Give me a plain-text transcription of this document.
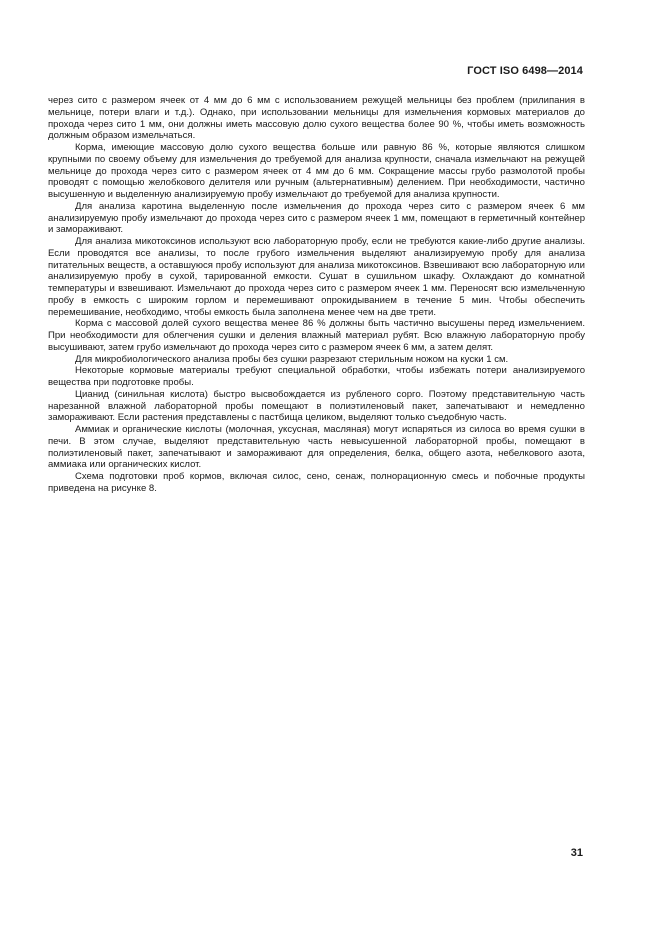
ГОСТ ISO 6498—2014

через сито с размером ячеек от 4 мм до 6 мм с использованием режущей мельницы без проблем (прилипания в мельнице, потери влаги и т.д.). Однако, при использовании мельницы для измельчения кормовых материалов до прохода через сито 1 мм, они должны иметь массовую долю сухого вещества более 90 %, чтобы иметь возможность должным образом измельчаться.

Корма, имеющие массовую долю сухого вещества больше или равную 86 %, которые являются слишком крупными по своему объему для измельчения до требуемой для анализа крупности, сначала измельчают на режущей мельнице до прохода через сито с размером ячеек от 4 мм до 6 мм. Сокращение массы грубо размолотой пробы проводят с помощью желобкового делителя или ручным (альтернативным) делением. При необходимости, частично высушенную и выделенную анализируемую пробу измельчают до требуемой для анализа крупности.

Для анализа каротина выделенную после измельчения до прохода через сито с размером ячеек 6 мм анализируемую пробу измельчают до прохода через сито с размером ячеек 1 мм, помещают в герметичный контейнер и замораживают.

Для анализа микотоксинов используют всю лабораторную пробу, если не требуются какие-либо другие анализы. Если проводятся все анализы, то после грубого измельчения выделяют анализируемую пробу для анализа питательных веществ, а оставшуюся пробу используют для анализа микотоксинов. Взвешивают всю лабораторную или анализируемую пробу в сухой, тарированной емкости. Сушат в сушильном шкафу. Охлаждают до комнатной температуры и взвешивают. Измельчают до прохода через сито с размером ячеек 1 мм. Переносят всю измельченную пробу в емкость с широким горлом и перемешивают опрокидыванием в течение 5 мин. Чтобы обеспечить перемешивание, необходимо, чтобы емкость была заполнена менее чем на две трети.

Корма с массовой долей сухого вещества менее 86 % должны быть частично высушены перед измельчением. При необходимости для облегчения сушки и деления влажный материал рубят. Всю влажную лабораторную пробу высушивают, затем грубо измельчают до прохода через сито с размером ячеек 6 мм, а затем делят.

Для микробиологического анализа пробы без сушки разрезают стерильным ножом на куски 1 см.

Некоторые кормовые материалы требуют специальной обработки, чтобы избежать потери анализируемого вещества при подготовке пробы.

Цианид (синильная кислота) быстро высвобождается из рубленого сорго. Поэтому представительную часть нарезанной влажной лабораторной пробы помещают в полиэтиленовый пакет, запечатывают и немедленно замораживают. Если растения представлены с пастбища целиком, выделяют только съедобную часть.

Аммиак и органические кислоты (молочная, уксусная, масляная) могут испаряться из силоса во время сушки в печи. В этом случае, выделяют представительную часть невысушенной лабораторной пробы, помещают в полиэтиленовый пакет, запечатывают и замораживают для определения, белка, общего азота, небелкового азота, аммиака или органических кислот.

Схема подготовки проб кормов, включая силос, сено, сенаж, полнорационную смесь и побочные продукты приведена на рисунке 8.

31
